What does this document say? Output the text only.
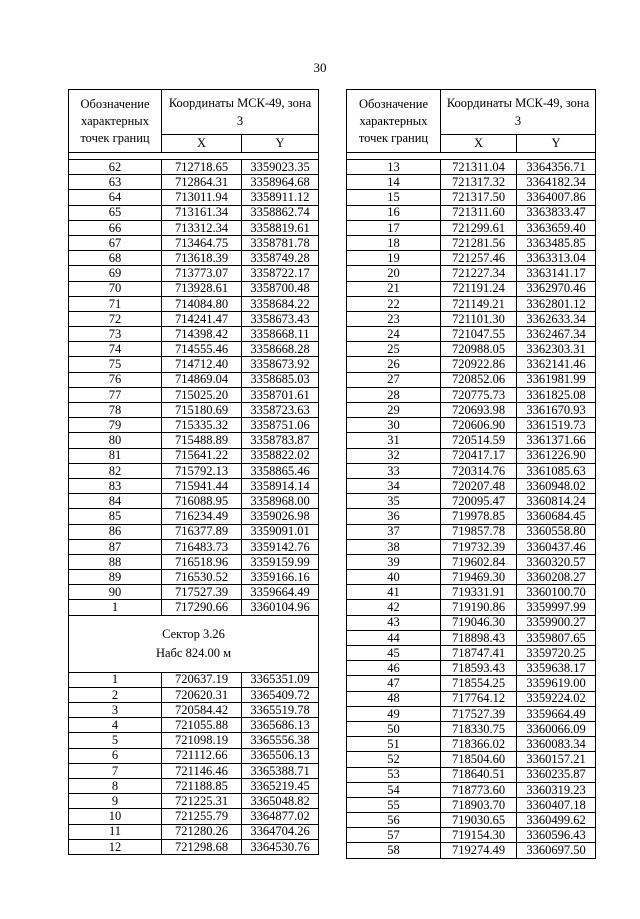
30
Обозначение характерных точек границ	Координаты МСК-49, зона 3	
	X	Y

62	712718.65	3359023.35
63	712864.31	3358964.68
64	713011.94	3358911.12
65	713161.34	3358862.74
66	713312.34	3358819.61
67	713464.75	3358781.78
68	713618.39	3358749.28
69	713773.07	3358722.17
70	713928.61	3358700.48
71	714084.80	3358684.22
72	714241.47	3358673.43
73	714398.42	3358668.11
74	714555.46	3358668.28
75	714712.40	3358673.92
76	714869.04	3358685.03
77	715025.20	3358701.61
78	715180.69	3358723.63
79	715335.32	3358751.06
80	715488.89	3358783.87
81	715641.22	3358822.02
82	715792.13	3358865.46
83	715941.44	3358914.14
84	716088.95	3358968.00
85	716234.49	3359026.98
86	716377.89	3359091.01
87	716483.73	3359142.76
88	716518.96	3359159.99
89	716530.52	3359166.16
90	717527.39	3359664.49
1	717290.66	3360104.96
Сектор 3.26
Набс 824.00 м		
1	720637.19	3365351.09
2	720620.31	3365409.72
3	720584.42	3365519.78
4	721055.88	3365686.13
5	721098.19	3365556.38
6	721112.66	3365506.13
7	721146.46	3365388.71
8	721188.85	3365219.45
9	721225.31	3365048.82
10	721255.79	3364877.02
11	721280.26	3364704.26
12	721298.68	3364530.76
Обозначение характерных точек границ	Координаты МСК-49, зона 3	
	X	Y

13	721311.04	3364356.71
14	721317.32	3364182.34
15	721317.50	3364007.86
16	721311.60	3363833.47
17	721299.61	3363659.40
18	721281.56	3363485.85
19	721257.46	3363313.04
20	721227.34	3363141.17
21	721191.24	3362970.46
22	721149.21	3362801.12
23	721101.30	3362633.34
24	721047.55	3362467.34
25	720988.05	3362303.31
26	720922.86	3362141.46
27	720852.06	3361981.99
28	720775.73	3361825.08
29	720693.98	3361670.93
30	720606.90	3361519.73
31	720514.59	3361371.66
32	720417.17	3361226.90
33	720314.76	3361085.63
34	720207.48	3360948.02
35	720095.47	3360814.24
36	719978.85	3360684.45
37	719857.78	3360558.80
38	719732.39	3360437.46
39	719602.84	3360320.57
40	719469.30	3360208.27
41	719331.91	3360100.70
42	719190.86	3359997.99
43	719046.30	3359900.27
44	718898.43	3359807.65
45	718747.41	3359720.25
46	718593.43	3359638.17
47	718554.25	3359619.00
48	717764.12	3359224.02
49	717527.39	3359664.49
50	718330.75	3360066.09
51	718366.02	3360083.34
52	718504.60	3360157.21
53	718640.51	3360235.87
54	718773.60	3360319.23
55	718903.70	3360407.18
56	719030.65	3360499.62
57	719154.30	3360596.43
58	719274.49	3360697.50
